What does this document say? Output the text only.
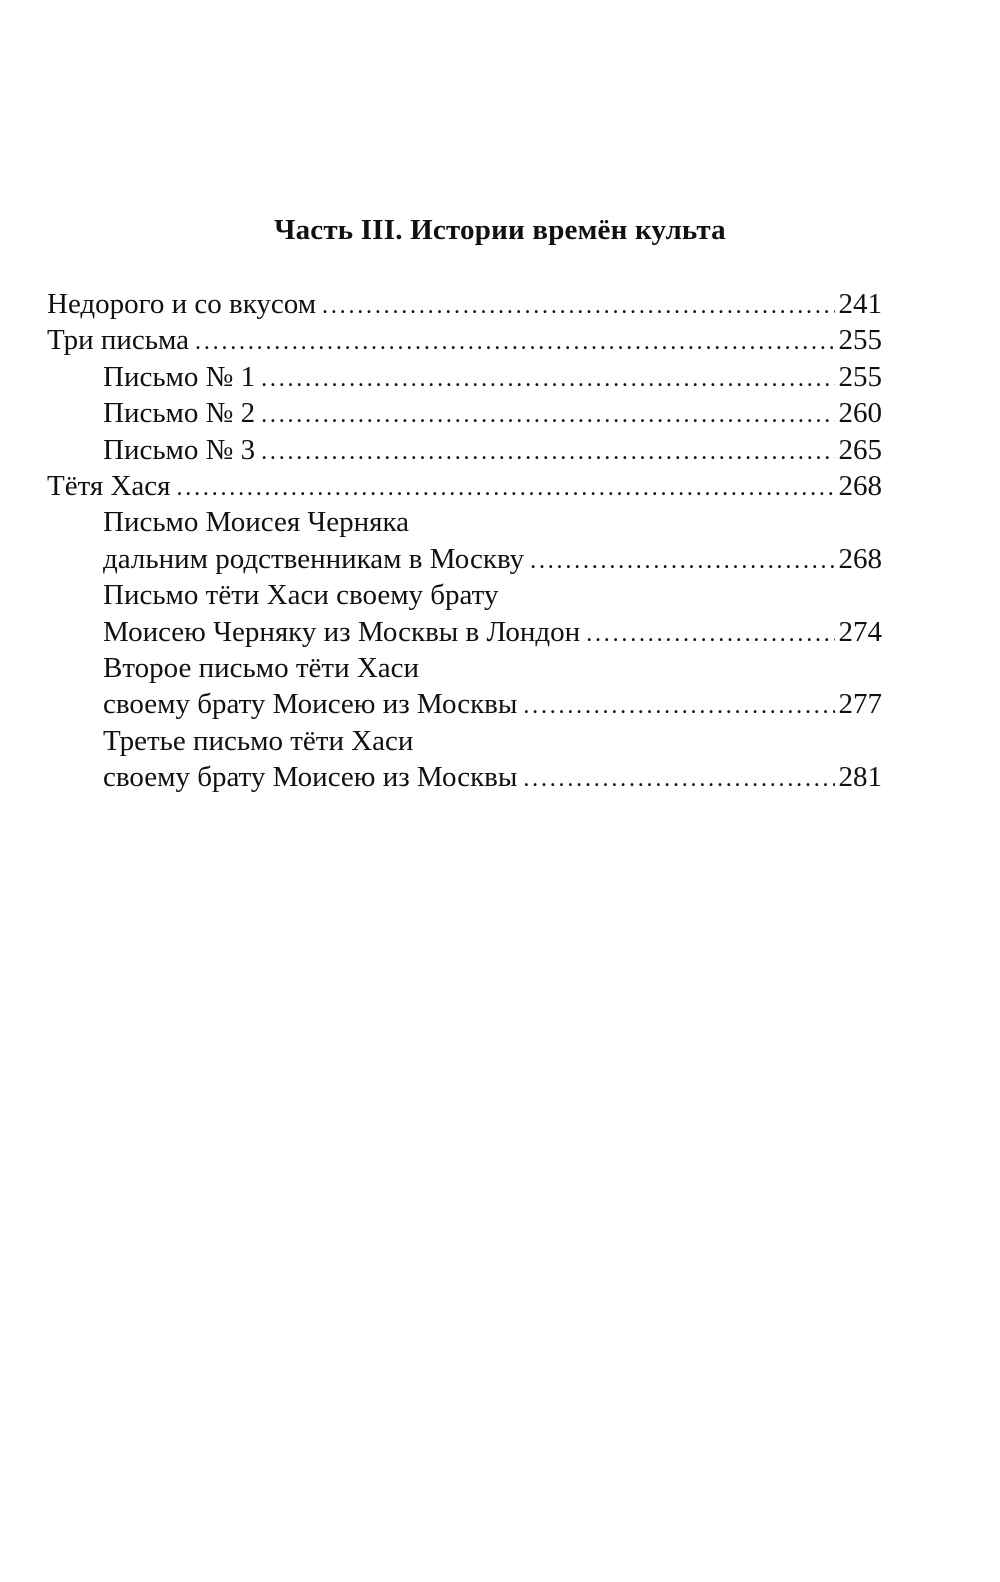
Часть III. Истории времён культа
Недорого и со вкусом . . .	241
Три письма . . .	255
Письмо № 1 . . .	255
Письмо № 2 . . .	260
Письмо № 3 . . .	265
Тётя Хася . . .	268
Письмо Моисея Черняка
дальним родственникам в Москву . . .	268
Письмо тёти Хаси своему брату
Моисею Черняку из Москвы в Лондон . . .	274
Второе письмо тёти Хаси
своему брату Моисею из Москвы . . .	277
Третье письмо тёти Хаси
своему брату Моисею из Москвы . . .	281
